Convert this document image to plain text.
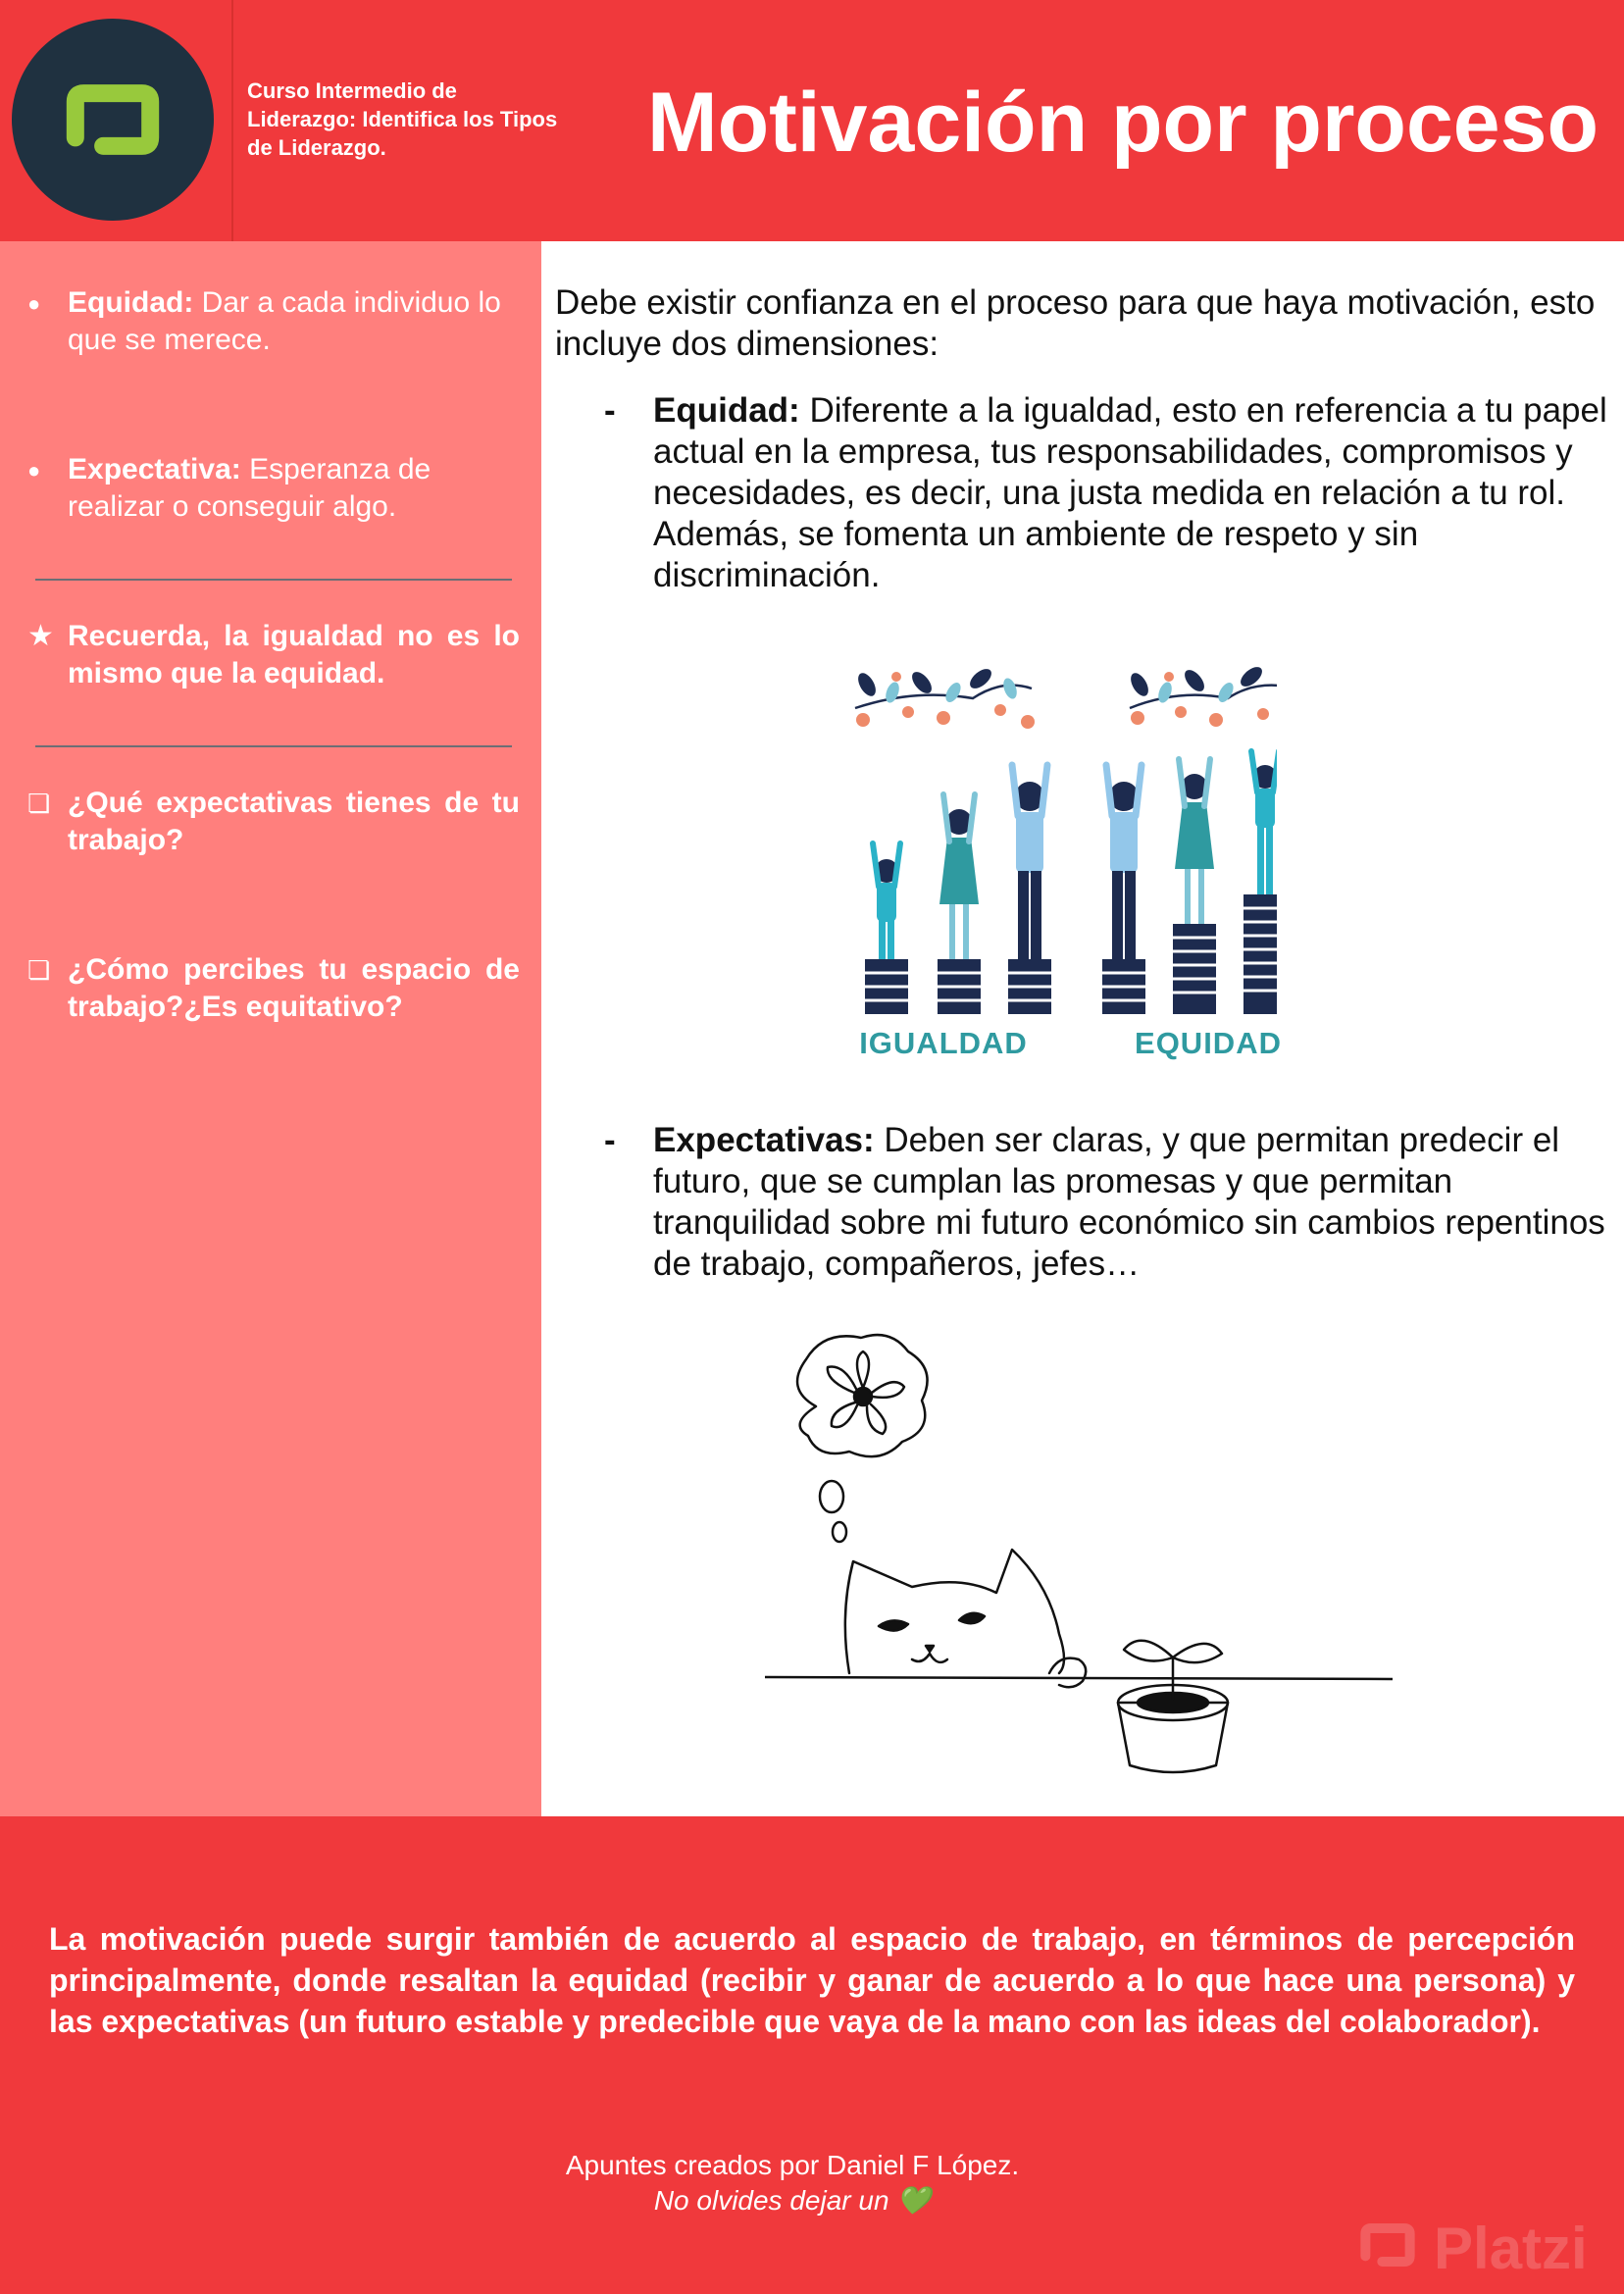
Curso Intermedio de Liderazgo: Identifica los Tipos de Liderazgo.	Motivación por proceso
● Equidad: Dar a cada individuo lo que se merece.
● Expectativa: Esperanza de realizar o conseguir algo.
★ Recuerda, la igualdad no es lo mismo que la equidad.
❏ ¿Qué expectativas tienes de tu trabajo?
❏ ¿Cómo percibes tu espacio de trabajo?¿Es equitativo?
Debe existir confianza en el proceso para que haya motivación, esto incluye dos dimensiones:
- Equidad: Diferente a la igualdad, esto en referencia a tu papel actual en la empresa, tus responsabilidades, compromisos y necesidades, es decir, una justa medida en relación a tu rol. Además, se fomenta un ambiente de respeto y sin discriminación.
IGUALDAD	EQUIDAD
- Expectativas: Deben ser claras, y que permitan predecir el futuro, que se cumplan las promesas y que permitan tranquilidad sobre mi futuro económico sin cambios repentinos de trabajo, compañeros, jefes…
La motivación puede surgir también de acuerdo al espacio de trabajo, en términos de percepción principalmente, donde resaltan la equidad (recibir y ganar de acuerdo a lo que hace una persona) y las expectativas (un futuro estable y predecible que vaya de la mano con las ideas del colaborador).
Apuntes creados por Daniel F López.
No olvides dejar un 💚
Platzi
